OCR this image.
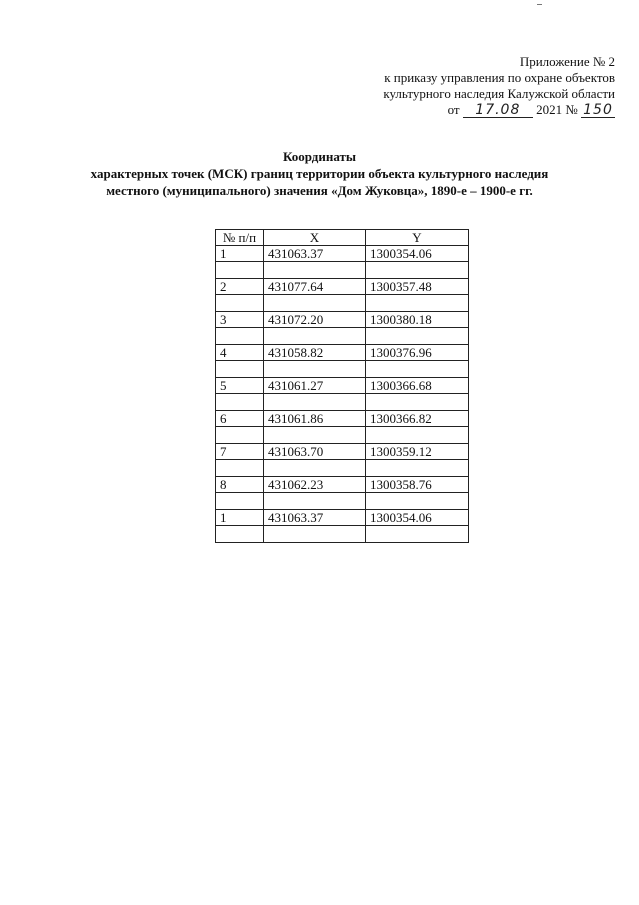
Приложение № 2
к приказу управления по охране объектов
культурного наследия Калужской области
от 17.08 2021 № 150
Координаты
характерных точек (МСК) границ территории объекта культурного наследия
местного (муниципального) значения «Дом Жуковца», 1890-е – 1900-е гг.
№ п/п	X	Y
1	431063.37	1300354.06

2	431077.64	1300357.48

3	431072.20	1300380.18

4	431058.82	1300376.96

5	431061.27	1300366.68

6	431061.86	1300366.82

7	431063.70	1300359.12

8	431062.23	1300358.76

1	431063.37	1300354.06
